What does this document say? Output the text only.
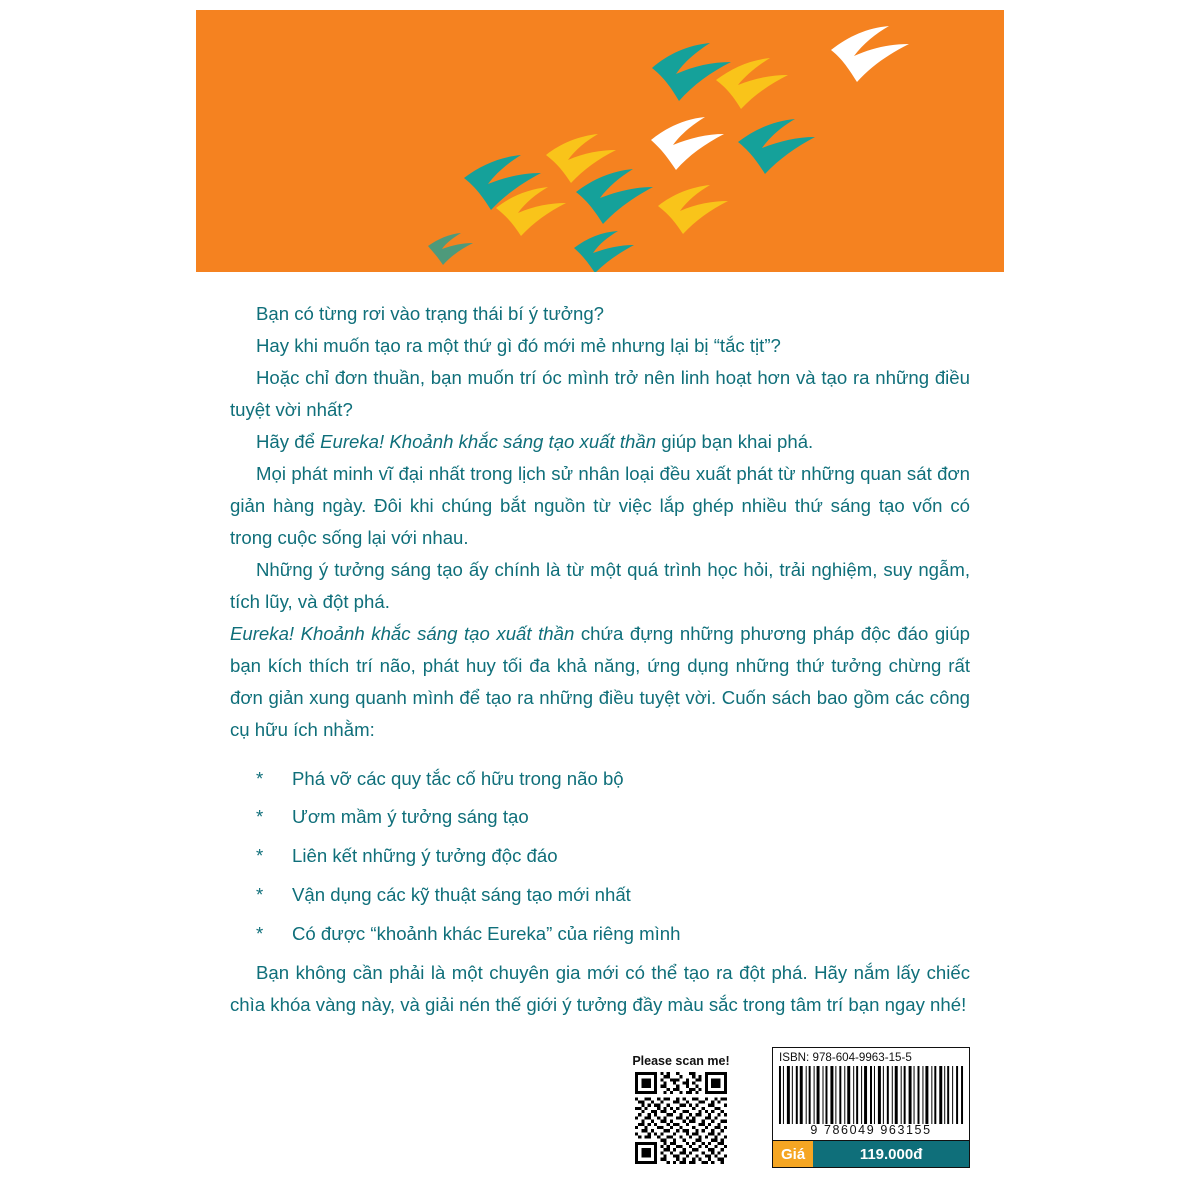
Bạn có từng rơi vào trạng thái bí ý tưởng?

Hay khi muốn tạo ra một thứ gì đó mới mẻ nhưng lại bị “tắc tịt”?

Hoặc chỉ đơn thuần, bạn muốn trí óc mình trở nên linh hoạt hơn và tạo ra những điều tuyệt vời nhất?

Hãy để Eureka! Khoảnh khắc sáng tạo xuất thần giúp bạn khai phá.

Mọi phát minh vĩ đại nhất trong lịch sử nhân loại đều xuất phát từ những quan sát đơn giản hàng ngày. Đôi khi chúng bắt nguồn từ việc lắp ghép nhiều thứ sáng tạo vốn có trong cuộc sống lại với nhau.

Những ý tưởng sáng tạo ấy chính là từ một quá trình học hỏi, trải nghiệm, suy ngẫm, tích lũy, và đột phá.

Eureka! Khoảnh khắc sáng tạo xuất thần chứa đựng những phương pháp độc đáo giúp bạn kích thích trí não, phát huy tối đa khả năng, ứng dụng những thứ tưởng chừng rất đơn giản xung quanh mình để tạo ra những điều tuyệt vời. Cuốn sách bao gồm các công cụ hữu ích nhằm:

*	Phá vỡ các quy tắc cố hữu trong não bộ
*	Ươm mầm ý tưởng sáng tạo
*	Liên kết những ý tưởng độc đáo
*	Vận dụng các kỹ thuật sáng tạo mới nhất
*	Có được “khoảnh khác Eureka” của riêng mình

Bạn không cần phải là một chuyên gia mới có thể tạo ra đột phá. Hãy nắm lấy chiếc chìa khóa vàng này, và giải nén thế giới ý tưởng đầy màu sắc trong tâm trí bạn ngay nhé!

Please scan me!	ISBN: 978-604-9963-15-5
9 786049 963155
Giá	119.000đ
